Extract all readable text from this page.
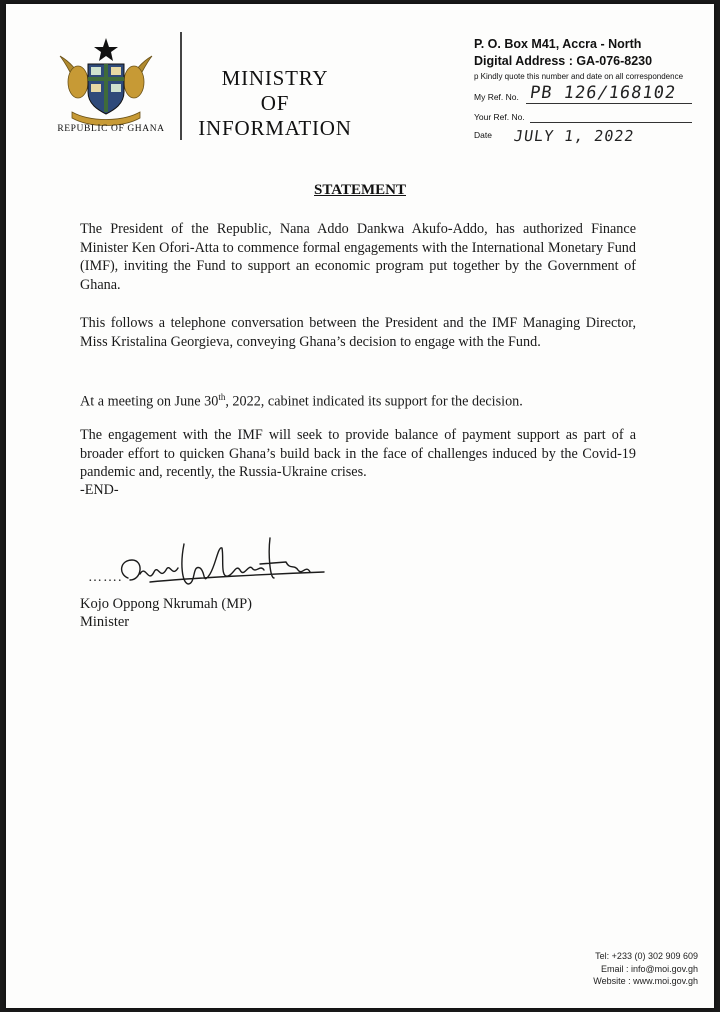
REPUBLIC OF GHANA
MINISTRY
OF
INFORMATION
P. O. Box M41, Accra - North
Digital Address : GA-076-8230
p Kindly quote this number and date on all correspondence
My Ref. No. PB 126/168102
Your Ref. No.
Date JULY 1, 2022
STATEMENT

The President of the Republic, Nana Addo Dankwa Akufo-Addo, has authorized Finance Minister Ken Ofori-Atta to commence formal engagements with the International Monetary Fund (IMF), inviting the Fund to support an economic program put together by the Government of Ghana.

This follows a telephone conversation between the President and the IMF Managing Director, Miss Kristalina Georgieva, conveying Ghana’s decision to engage with the Fund.

At a meeting on June 30th, 2022, cabinet indicated its support for the decision.

The engagement with the IMF will seek to provide balance of payment support as part of a broader effort to quicken Ghana’s build back in the face of challenges induced by the Covid-19 pandemic and, recently, the Russia-Ukraine crises.

-END-
…….
Kojo Oppong Nkrumah (MP)
Minister
Tel: +233 (0) 302 909 609
Email : info@moi.gov.gh
Website : www.moi.gov.gh
